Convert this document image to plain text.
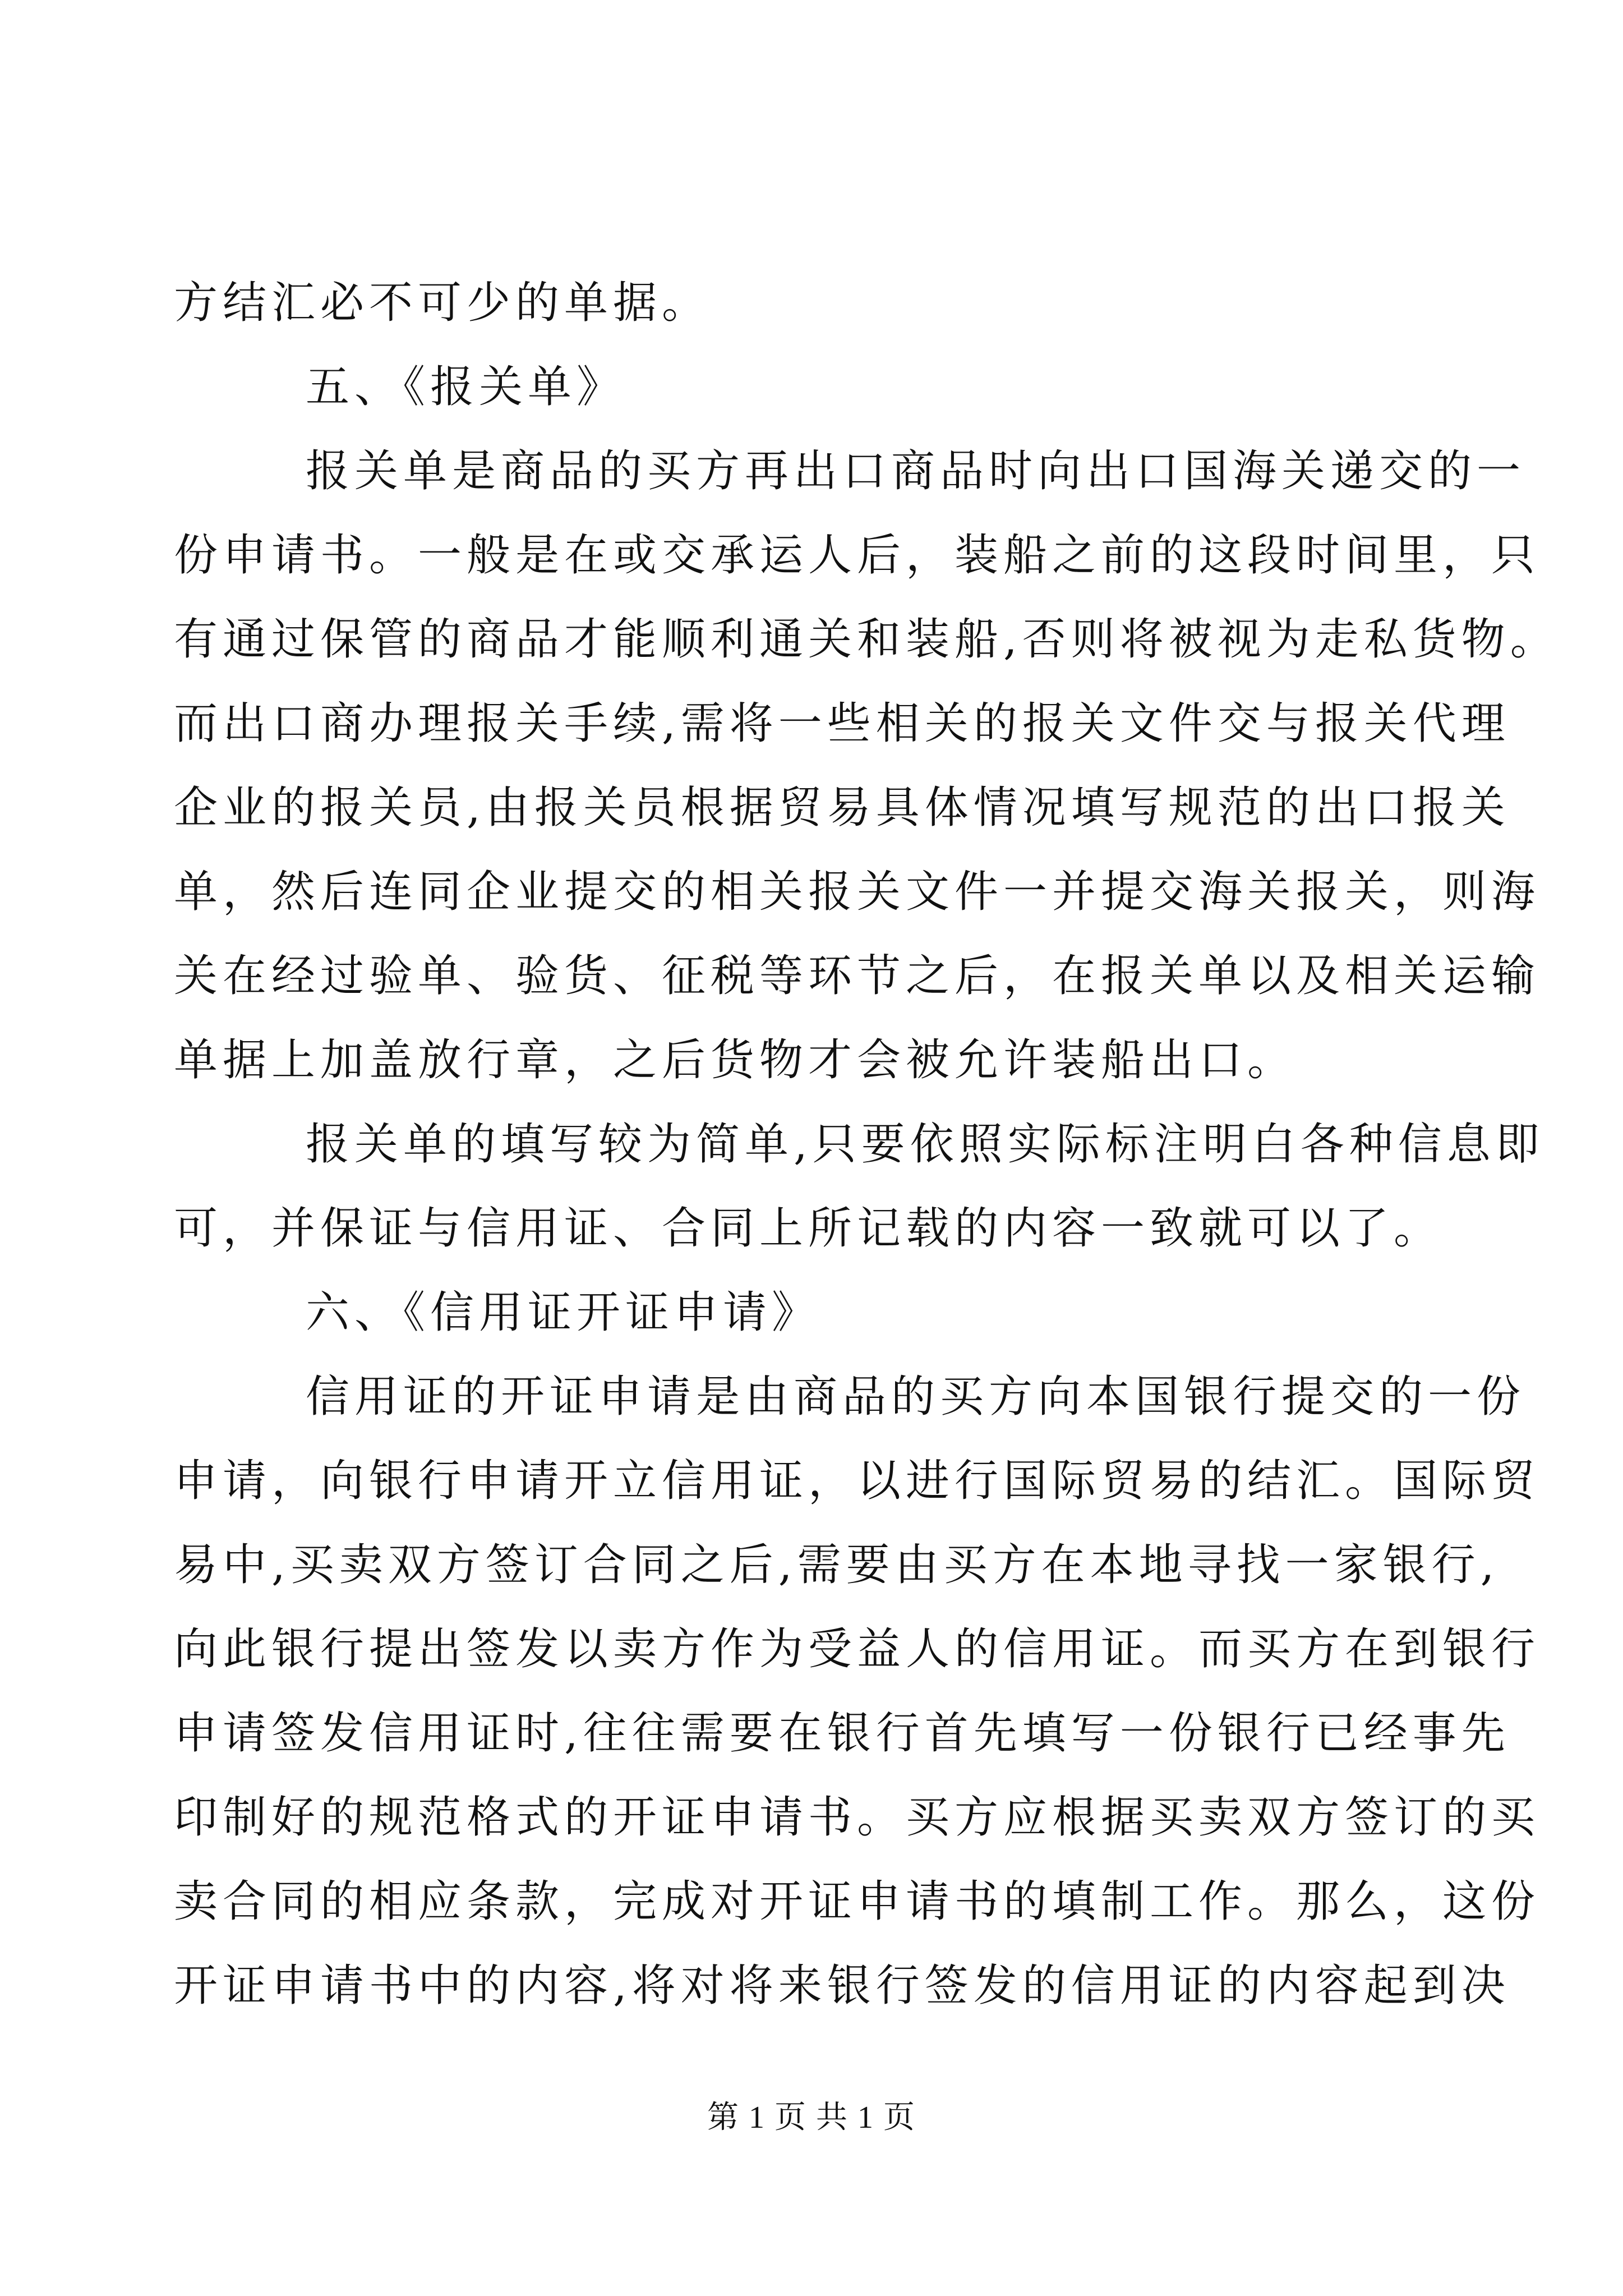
方结汇必不可少的单据。
五、《报关单》
报关单是商品的买方再出口商品时向出口国海关递交的一
份申请书。一般是在或交承运人后，装船之前的这段时间里，只
有通过保管的商品才能顺利通关和装船,否则将被视为走私货物。
而出口商办理报关手续,需将一些相关的报关文件交与报关代理
企业的报关员,由报关员根据贸易具体情况填写规范的出口报关
单，然后连同企业提交的相关报关文件一并提交海关报关，则海
关在经过验单、验货、征税等环节之后，在报关单以及相关运输
单据上加盖放行章，之后货物才会被允许装船出口。
报关单的填写较为简单,只要依照实际标注明白各种信息即
可，并保证与信用证、合同上所记载的内容一致就可以了。
六、《信用证开证申请》
信用证的开证申请是由商品的买方向本国银行提交的一份
申请，向银行申请开立信用证，以进行国际贸易的结汇。国际贸
易中,买卖双方签订合同之后,需要由买方在本地寻找一家银行,
向此银行提出签发以卖方作为受益人的信用证。而买方在到银行
申请签发信用证时,往往需要在银行首先填写一份银行已经事先
印制好的规范格式的开证申请书。买方应根据买卖双方签订的买
卖合同的相应条款，完成对开证申请书的填制工作。那么，这份
开证申请书中的内容,将对将来银行签发的信用证的内容起到决
第 1 页 共 1 页
